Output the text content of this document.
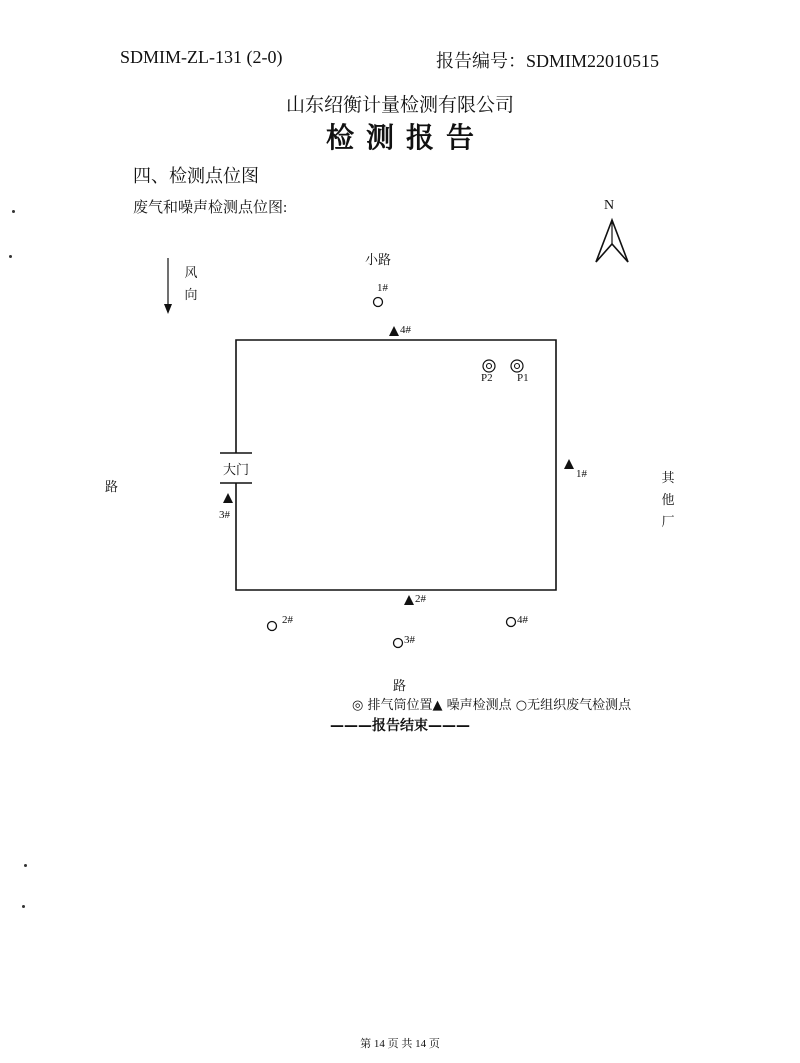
SDMIM-ZL-131 (2-0)	报告编号：SDMIM22010515
山东绍衡计量检测有限公司
检测报告
四、检测点位图
废气和噪声检测点位图:	N
风向
小路
路
路
其他厂
大门
P2 P1
1#
2#
3#
4#
1#
2#
3#
4#
◎ 排气筒位置▲ 噪声检测点 ○无组织废气检测点
———报告结束———
第 14 页 共 14 页
